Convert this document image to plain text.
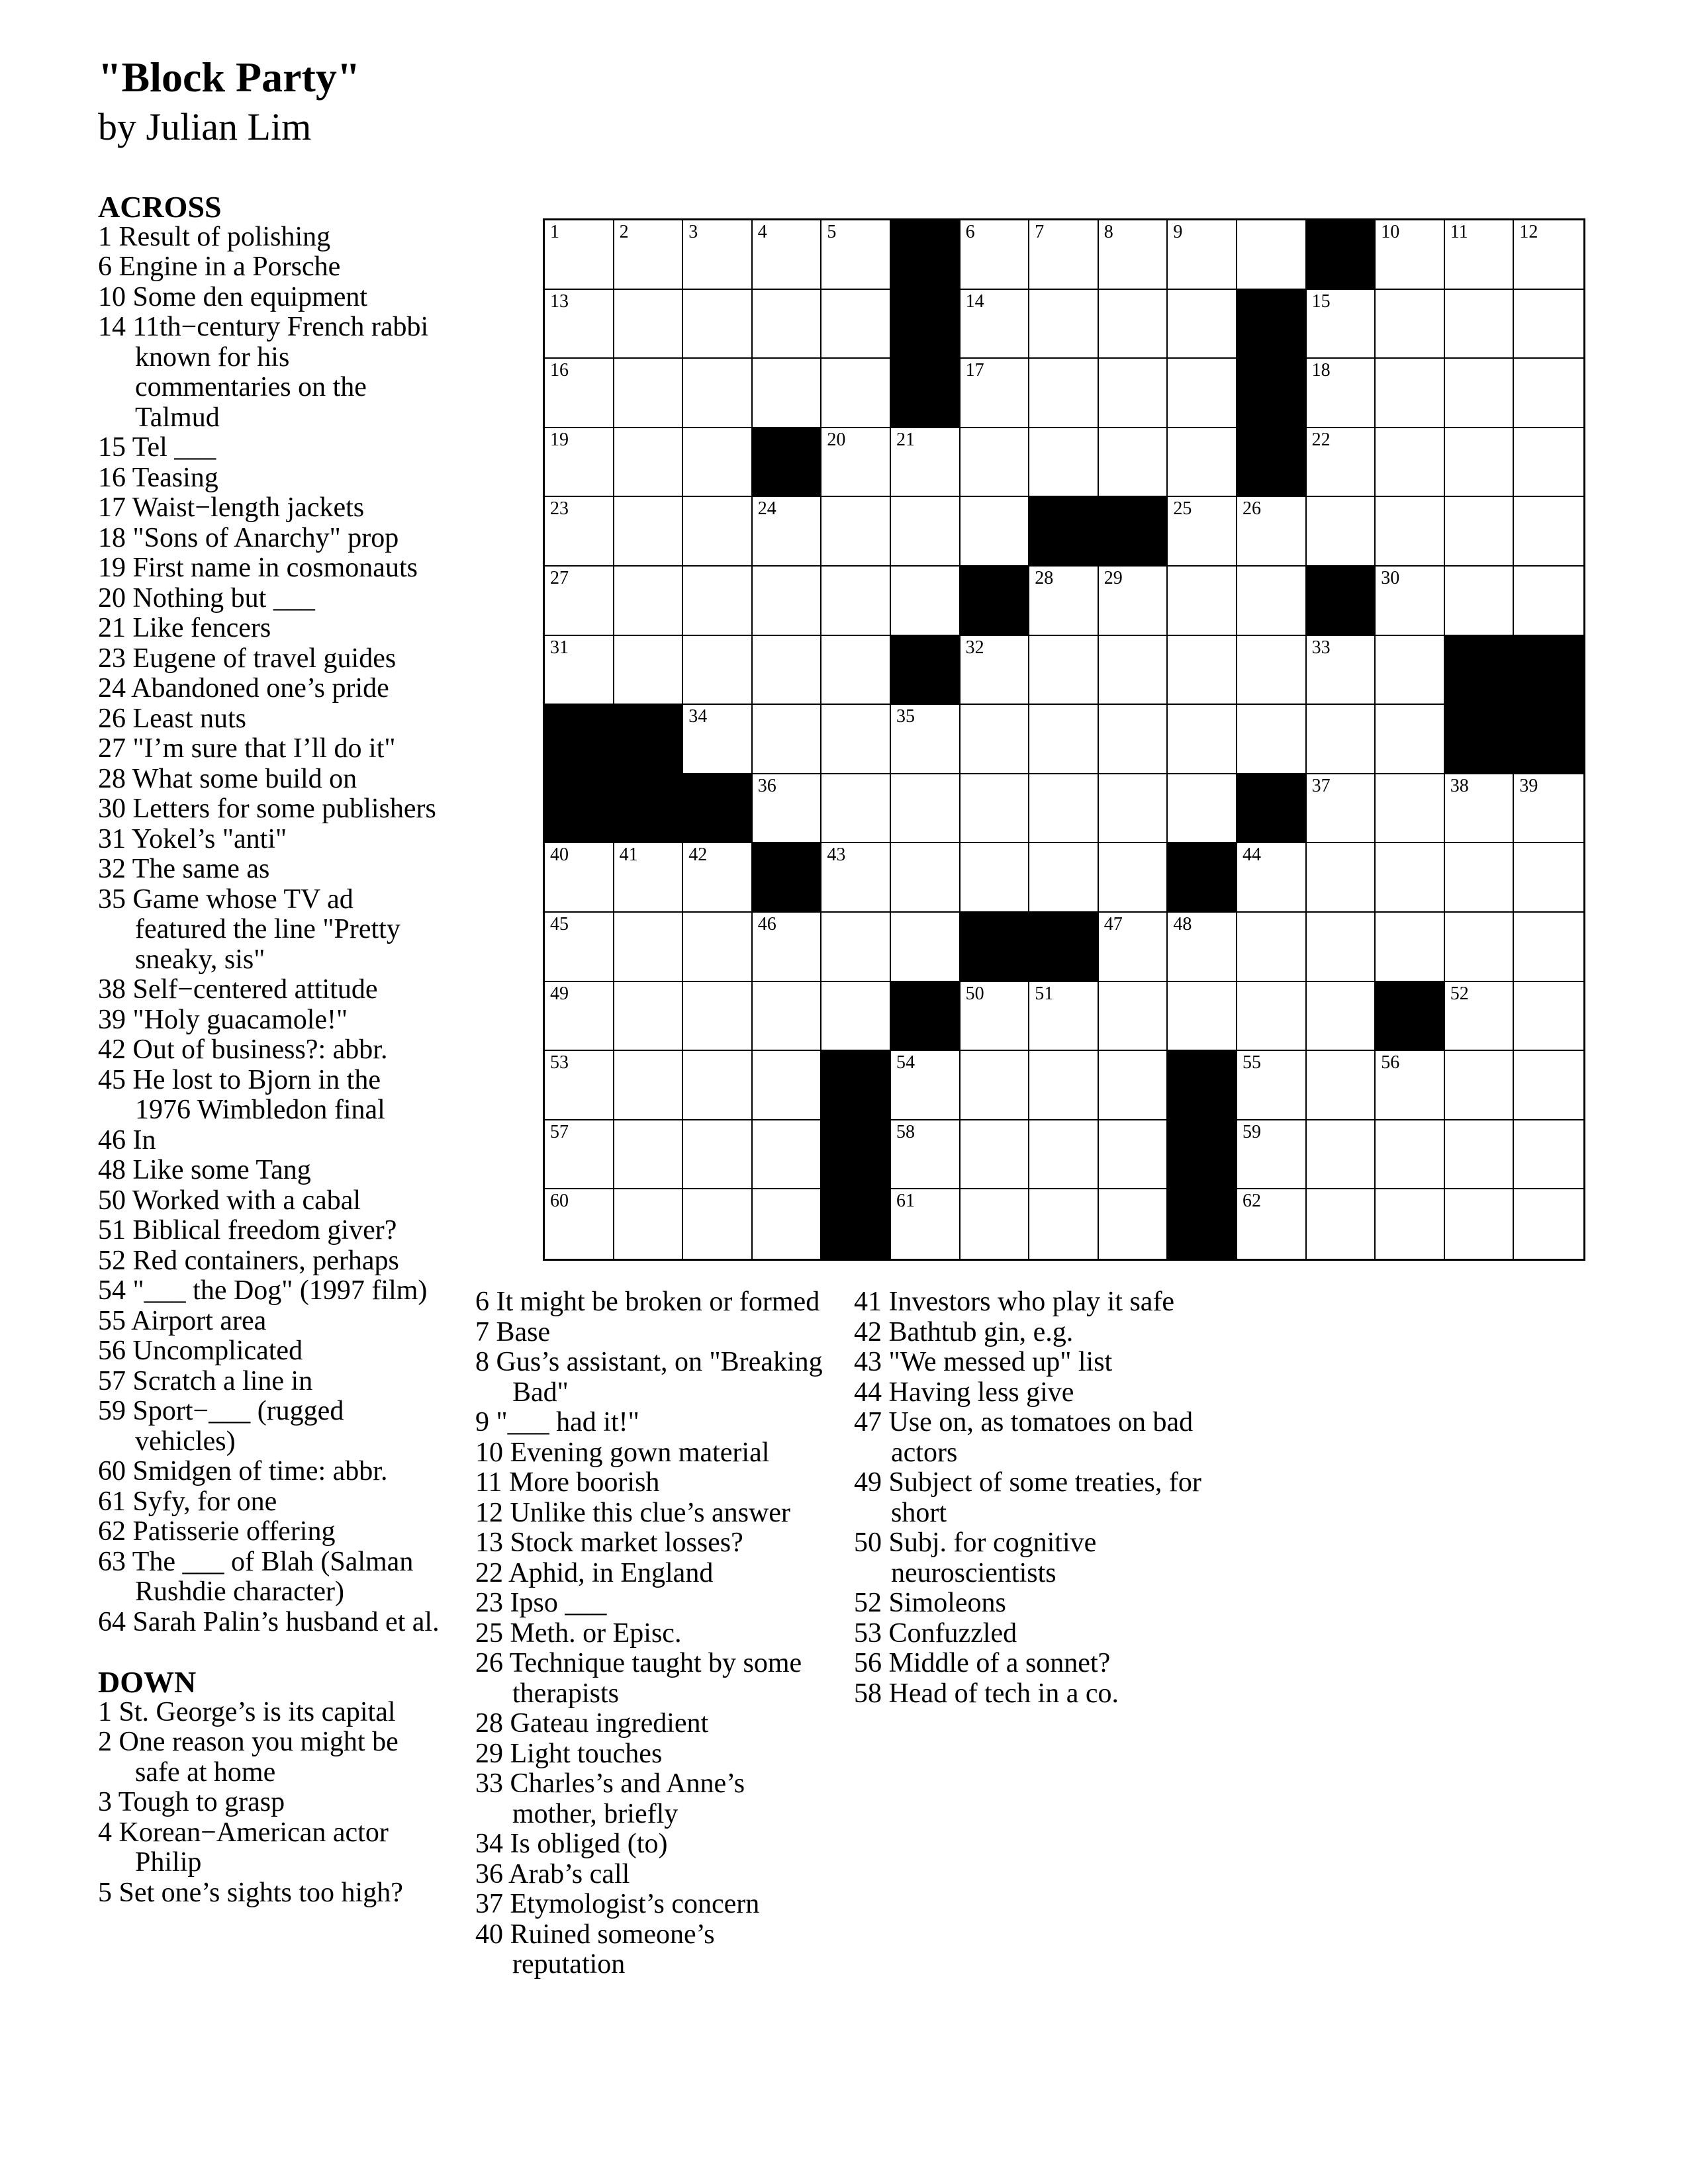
"Block Party"
by Julian Lim
ACROSS
1 Result of polishing
6 Engine in a Porsche
10 Some den equipment
14 11th−century French rabbi known for his commentaries on the Talmud
15 Tel ___
16 Teasing
17 Waist−length jackets
18 "Sons of Anarchy" prop
19 First name in cosmonauts
20 Nothing but ___
21 Like fencers
23 Eugene of travel guides
24 Abandoned one’s pride
26 Least nuts
27 "I’m sure that I’ll do it"
28 What some build on
30 Letters for some publishers
31 Yokel’s "anti"
32 The same as
35 Game whose TV ad featured the line "Pretty sneaky, sis"
38 Self−centered attitude
39 "Holy guacamole!"
42 Out of business?: abbr.
45 He lost to Bjorn in the 1976 Wimbledon final
46 In
48 Like some Tang
50 Worked with a cabal
51 Biblical freedom giver?
52 Red containers, perhaps
54 "___ the Dog" (1997 film)
55 Airport area
56 Uncomplicated
57 Scratch a line in
59 Sport−___ (rugged vehicles)
60 Smidgen of time: abbr.
61 Syfy, for one
62 Patisserie offering
63 The ___ of Blah (Salman Rushdie character)
64 Sarah Palin’s husband et al.
DOWN
1 St. George’s is its capital
2 One reason you might be safe at home
3 Tough to grasp
4 Korean−American actor Philip
5 Set one’s sights too high?
6 It might be broken or formed
7 Base
8 Gus’s assistant, on "Breaking Bad"
9 "___ had it!"
10 Evening gown material
11 More boorish
12 Unlike this clue’s answer
13 Stock market losses?
22 Aphid, in England
23 Ipso ___
25 Meth. or Episc.
26 Technique taught by some therapists
28 Gateau ingredient
29 Light touches
33 Charles’s and Anne’s mother, briefly
34 Is obliged (to)
36 Arab’s call
37 Etymologist’s concern
40 Ruined someone’s reputation
41 Investors who play it safe
42 Bathtub gin, e.g.
43 "We messed up" list
44 Having less give
47 Use on, as tomatoes on bad actors
49 Subject of some treaties, for short
50 Subj. for cognitive neuroscientists
52 Simoleons
53 Confuzzled
56 Middle of a sonnet?
58 Head of tech in a co.
1	2	3	4	5	6	7	8	9	10	11	12
13	14	15
16	17	18
19	20	21	22
23	24	25	26
27	28	29	30
31	32	33
34	35
36	37	38	39
40	41	42	43	44
45	46	47	48
49	50	51	52
53	54	55	56
57	58	59
60	61	62
